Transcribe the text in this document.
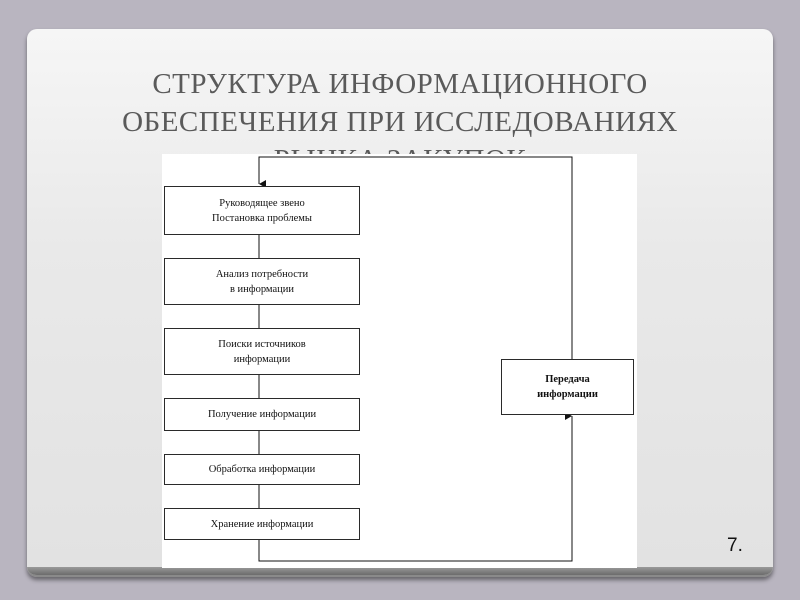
СТРУКТУРА ИНФОРМАЦИОННОГО
ОБЕСПЕЧЕНИЯ ПРИ ИССЛЕДОВАНИЯХ
Руководящее звено
Постановка проблемы
Анализ потребности
в информации
Поиски источников
информации
Получение информации
Обработка информации
Хранение информации
Передача
информации
7.
